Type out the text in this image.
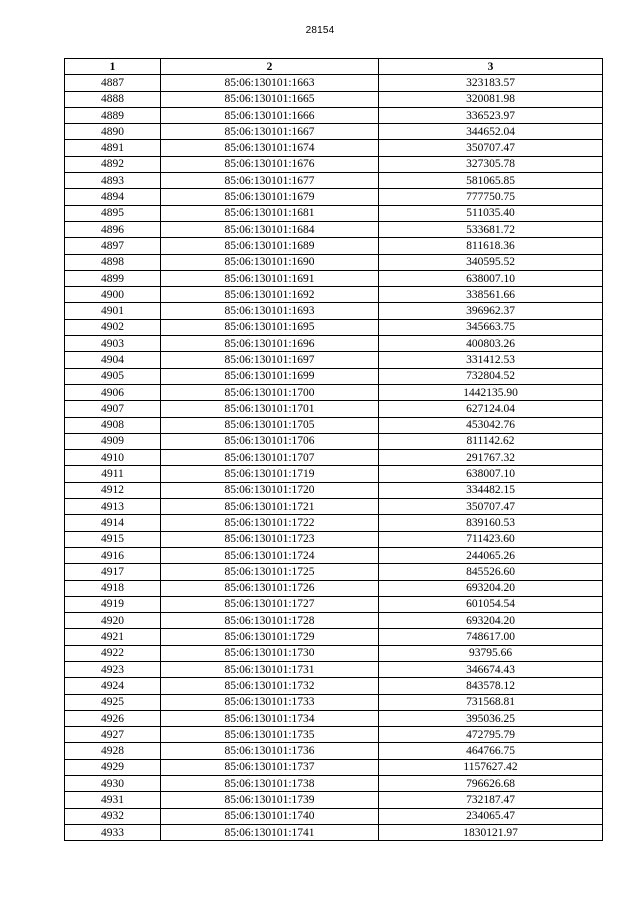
28154
1	2	3
4887	85:06:130101:1663	323183.57
4888	85:06:130101:1665	320081.98
4889	85:06:130101:1666	336523.97
4890	85:06:130101:1667	344652.04
4891	85:06:130101:1674	350707.47
4892	85:06:130101:1676	327305.78
4893	85:06:130101:1677	581065.85
4894	85:06:130101:1679	777750.75
4895	85:06:130101:1681	511035.40
4896	85:06:130101:1684	533681.72
4897	85:06:130101:1689	811618.36
4898	85:06:130101:1690	340595.52
4899	85:06:130101:1691	638007.10
4900	85:06:130101:1692	338561.66
4901	85:06:130101:1693	396962.37
4902	85:06:130101:1695	345663.75
4903	85:06:130101:1696	400803.26
4904	85:06:130101:1697	331412.53
4905	85:06:130101:1699	732804.52
4906	85:06:130101:1700	1442135.90
4907	85:06:130101:1701	627124.04
4908	85:06:130101:1705	453042.76
4909	85:06:130101:1706	811142.62
4910	85:06:130101:1707	291767.32
4911	85:06:130101:1719	638007.10
4912	85:06:130101:1720	334482.15
4913	85:06:130101:1721	350707.47
4914	85:06:130101:1722	839160.53
4915	85:06:130101:1723	711423.60
4916	85:06:130101:1724	244065.26
4917	85:06:130101:1725	845526.60
4918	85:06:130101:1726	693204.20
4919	85:06:130101:1727	601054.54
4920	85:06:130101:1728	693204.20
4921	85:06:130101:1729	748617.00
4922	85:06:130101:1730	93795.66
4923	85:06:130101:1731	346674.43
4924	85:06:130101:1732	843578.12
4925	85:06:130101:1733	731568.81
4926	85:06:130101:1734	395036.25
4927	85:06:130101:1735	472795.79
4928	85:06:130101:1736	464766.75
4929	85:06:130101:1737	1157627.42
4930	85:06:130101:1738	796626.68
4931	85:06:130101:1739	732187.47
4932	85:06:130101:1740	234065.47
4933	85:06:130101:1741	1830121.97
